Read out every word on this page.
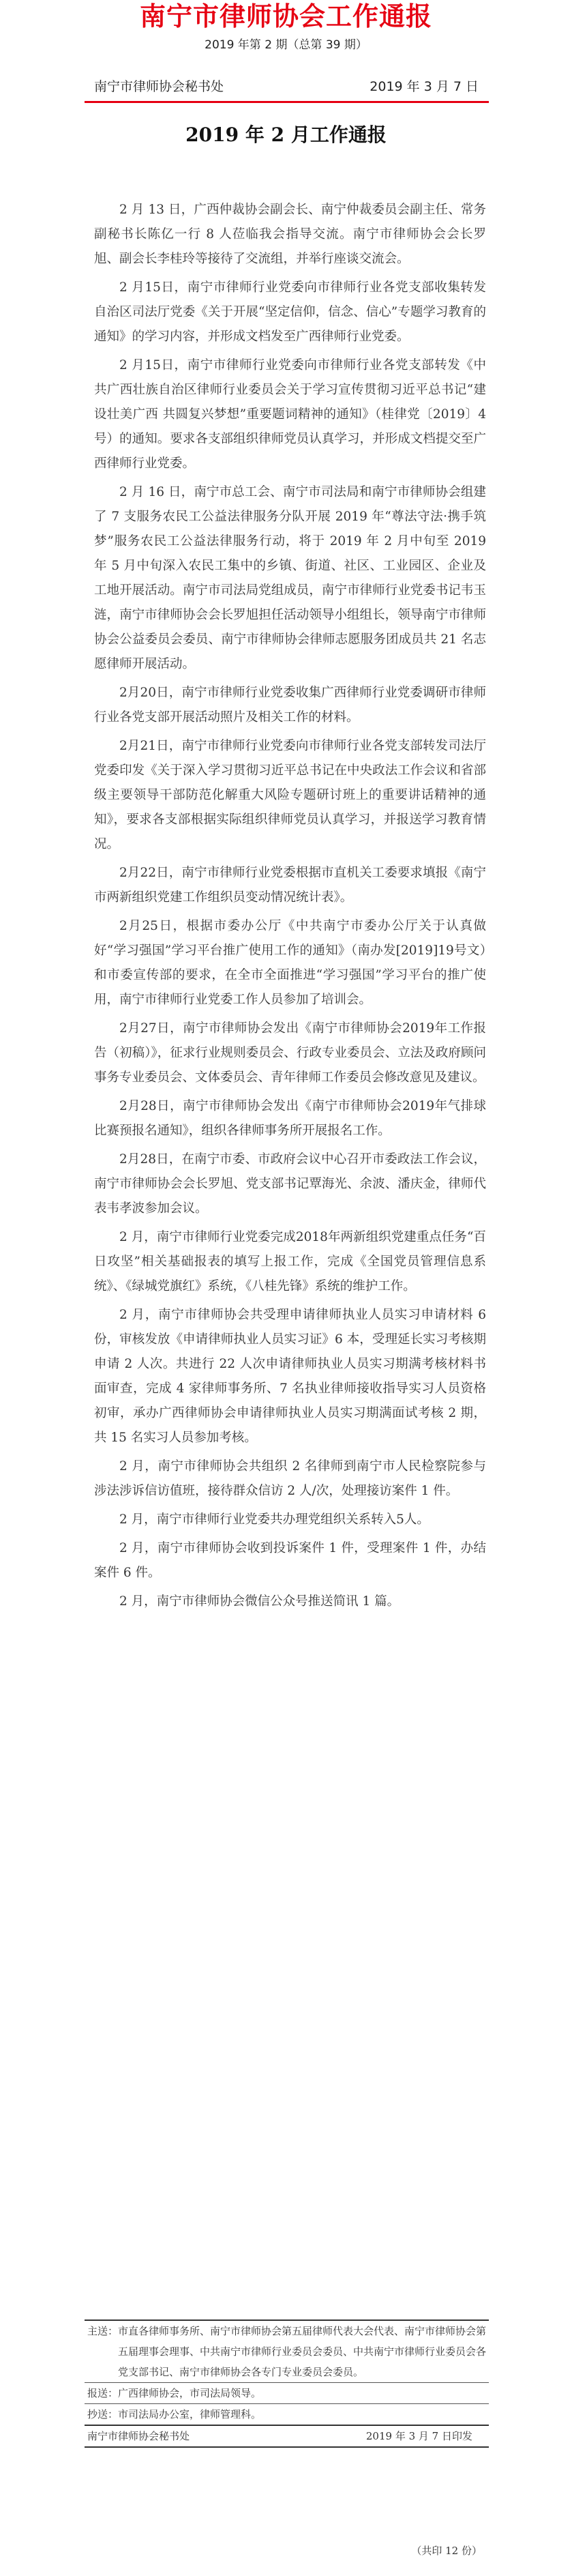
南宁市律师协会工作通报
2019 年第 2 期（总第 39 期）
南宁市律师协会秘书处	2019 年 3 月 7 日
2019 年 2 月工作通报

2 月 13 日，广西仲裁协会副会长、南宁仲裁委员会副主任、常务副秘书长陈亿一行 8 人莅临我会指导交流。南宁市律师协会会长罗旭、副会长李桂玲等接待了交流组，并举行座谈交流会。

2 月15日，南宁市律师行业党委向市律师行业各党支部收集转发自治区司法厅党委《关于开展“坚定信仰，信念、信心”专题学习教育的通知》的学习内容，并形成文档发至广西律师行业党委。

2 月15日，南宁市律师行业党委向市律师行业各党支部转发《中共广西壮族自治区律师行业委员会关于学习宣传贯彻习近平总书记“建设壮美广西 共圆复兴梦想”重要题词精神的通知》（桂律党〔2019〕4号）的通知。要求各支部组织律师党员认真学习，并形成文档提交至广西律师行业党委。

2 月 16 日，南宁市总工会、南宁市司法局和南宁市律师协会组建了 7 支服务农民工公益法律服务分队开展 2019 年“尊法守法·携手筑梦”服务农民工公益法律服务行动，将于 2019 年 2 月中旬至 2019 年 5 月中旬深入农民工集中的乡镇、街道、社区、工业园区、企业及工地开展活动。南宁市司法局党组成员，南宁市律师行业党委书记韦玉涟，南宁市律师协会会长罗旭担任活动领导小组组长，领导南宁市律师协会公益委员会委员、南宁市律师协会律师志愿服务团成员共 21 名志愿律师开展活动。

2月20日，南宁市律师行业党委收集广西律师行业党委调研市律师行业各党支部开展活动照片及相关工作的材料。

2月21日，南宁市律师行业党委向市律师行业各党支部转发司法厅党委印发《关于深入学习贯彻习近平总书记在中央政法工作会议和省部级主要领导干部防范化解重大风险专题研讨班上的重要讲话精神的通知》，要求各支部根据实际组织律师党员认真学习，并报送学习教育情况。

2月22日，南宁市律师行业党委根据市直机关工委要求填报《南宁市两新组织党建工作组织员变动情况统计表》。

2月25日，根据市委办公厅《中共南宁市委办公厅关于认真做好“学习强国”学习平台推广使用工作的通知》（南办发[2019]19号文）和市委宣传部的要求，在全市全面推进“学习强国”学习平台的推广使用，南宁市律师行业党委工作人员参加了培训会。

2月27日，南宁市律师协会发出《南宁市律师协会2019年工作报告（初稿）》，征求行业规则委员会、行政专业委员会、立法及政府顾问事务专业委员会、文体委员会、青年律师工作委员会修改意见及建议。

2月28日，南宁市律师协会发出《南宁市律师协会2019年气排球比赛预报名通知》，组织各律师事务所开展报名工作。

2月28日，在南宁市委、市政府会议中心召开市委政法工作会议，南宁市律师协会会长罗旭、党支部书记覃海光、余波、潘庆金，律师代表韦孝波参加会议。

2 月，南宁市律师行业党委完成2018年两新组织党建重点任务“百日攻坚”相关基础报表的填写上报工作，完成《全国党员管理信息系统》、《绿城党旗红》系统，《八桂先锋》系统的维护工作。

2 月，南宁市律师协会共受理申请律师执业人员实习申请材料 6份，审核发放《申请律师执业人员实习证》6 本，受理延长实习考核期申请 2 人次。共进行 22 人次申请律师执业人员实习期满考核材料书面审查，完成 4 家律师事务所、7 名执业律师接收指导实习人员资格初审，承办广西律师协会申请律师执业人员实习期满面试考核 2 期，共 15 名实习人员参加考核。

2 月，南宁市律师协会共组织 2 名律师到南宁市人民检察院参与涉法涉诉信访值班，接待群众信访 2 人/次，处理接访案件 1 件。

2 月，南宁市律师行业党委共办理党组织关系转入5人。

2 月，南宁市律师协会收到投诉案件 1 件，受理案件 1 件，办结案件 6 件。

2 月，南宁市律师协会微信公众号推送简讯 1 篇。

主送：市直各律师事务所、南宁市律师协会第五届律师代表大会代表、南宁市律师协会第五届理事会理事、中共南宁市律师行业委员会委员、中共南宁市律师行业委员会各党支部书记、南宁市律师协会各专门专业委员会委员。
报送：广西律师协会，市司法局领导。
抄送：市司法局办公室，律师管理科。
南宁市律师协会秘书处	2019 年 3 月 7 日印发
（共印 12 份）
